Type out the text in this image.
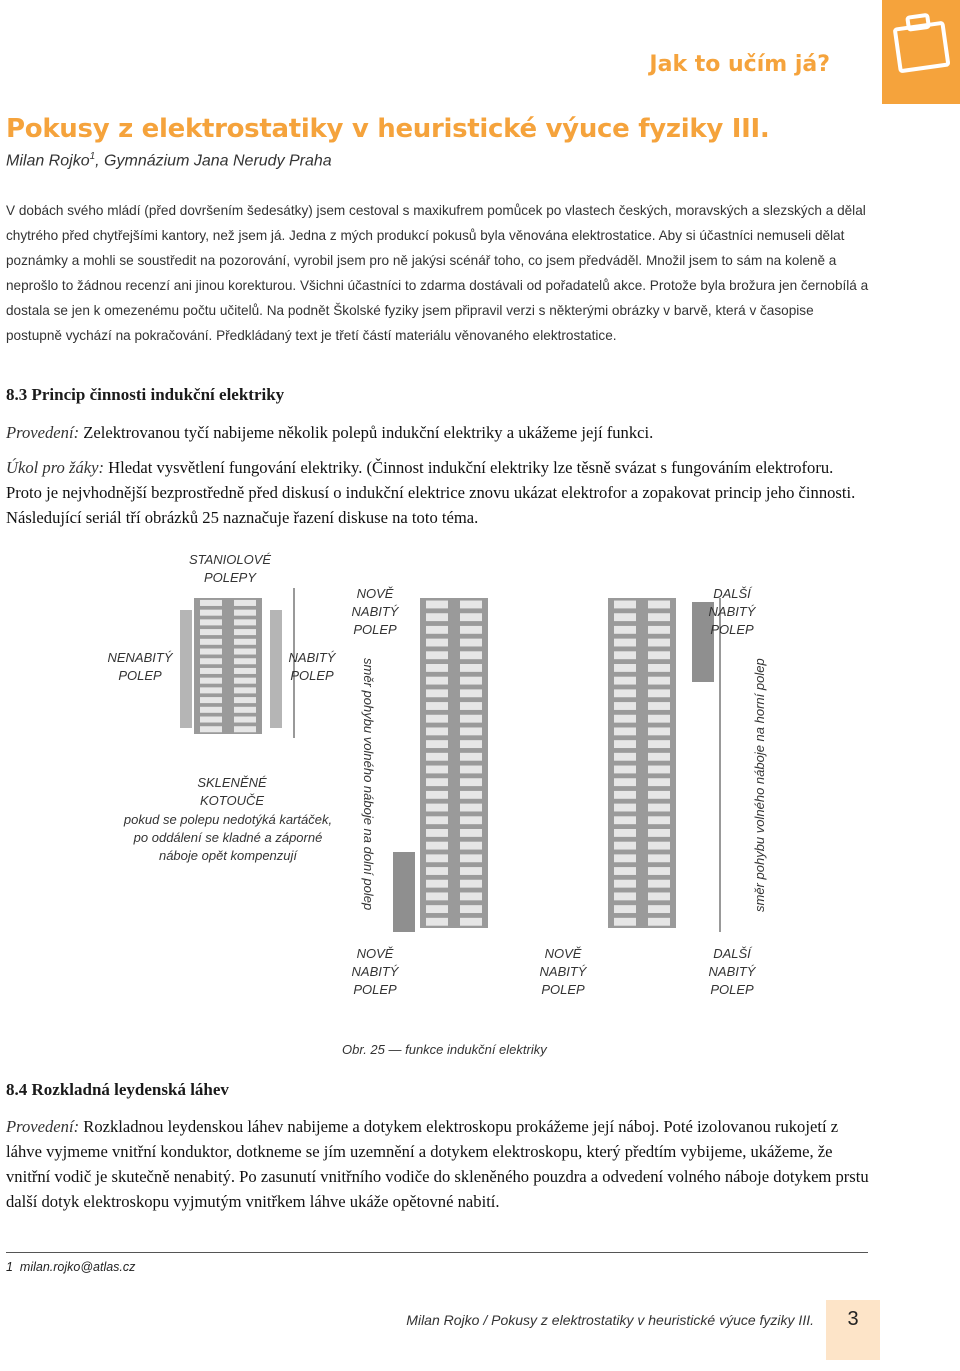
Jak to učím já?
Pokusy z elektrostatiky v heuristické výuce fyziky III.
Milan Rojko$^1$, Gymnázium Jana Nerudy Praha
V dobách svého mládí (před dovršením šedesátky) jsem cestoval s maxikufrem pomůcek po vlastech českých, moravských a slezských a dělal chytrého před chytřejšími kantory, než jsem já. Jedna z mých produkcí pokusů byla věnována elektrostatice. Aby si účastníci nemuseli dělat poznámky a mohli se soustředit na pozorování, vyrobil jsem pro ně jakýsi scénář toho, co jsem předváděl. Množil jsem to sám na koleně a neprošlo to žádnou recenzí ani jinou korekturou. Všichni účastníci to zdarma dostávali od pořadatelů akce. Protože byla brožura jen černobílá a dostala se jen k omezenému počtu učitelů. Na podnět Školské fyziky jsem připravil verzi s některými obrázky v barvě, která v časopise postupně vychází na pokračování. Předkládaný text je třetí částí materiálu věnovaného elektrostatice.
8.3 Princip činnosti indukční elektriky
Provedení: Zelektrovanou tyčí nabijeme několik polepů indukční elektriky a ukážeme její funkci.
Úkol pro žáky: Hledat vysvětlení fungování elektriky. (Činnost indukční elektriky lze těsně svázat s fungováním elektroforu. Proto je nejvhodnější bezprostředně před diskusí o indukční elektrice znovu ukázat elektrofor a zopakovat princip jeho činnosti. Následující seriál tří obrázků 25 naznačuje řazení diskuse na toto téma.
STANIOLOVÉ
POLEPY
NENABITÝ
POLEP
NABITÝ
POLEP
SKLENĚNÉ
KOTOUČE
pokud se polepu nedotýká kartáček,
po oddálení se kladné a záporné
náboje opět kompenzují
NOVĚ
NABITÝ
POLEP
DALŠÍ
NABITÝ
POLEP
směr pohybu volného náboje na dolní polep	směr pohybu volného náboje na horní polep
NOVĚ
NABITÝ
POLEP
NOVĚ
NABITÝ
POLEP
DALŠÍ
NABITÝ
POLEP
Obr. 25 — funkce indukční elektriky
8.4 Rozkladná leydenská láhev
Provedení: Rozkladnou leydenskou láhev nabijeme a dotykem elektroskopu prokážeme její náboj. Poté izolovanou rukojetí z láhve vyjmeme vnitřní konduktor, dotkneme se jím uzemnění a dotykem elektroskopu, který předtím vybijeme, ukážeme, že vnitřní vodič je skutečně nenabitý. Po zasunutí vnitřního vodiče do skleněného pouzdra a odvedení volného náboje dotykem prstu další dotyk elektroskopu vyjmutým vnitřkem láhve ukáže opětovné nabití.
1 milan.rojko@atlas.cz
Milan Rojko / Pokusy z elektrostatiky v heuristické výuce fyziky III.	3
